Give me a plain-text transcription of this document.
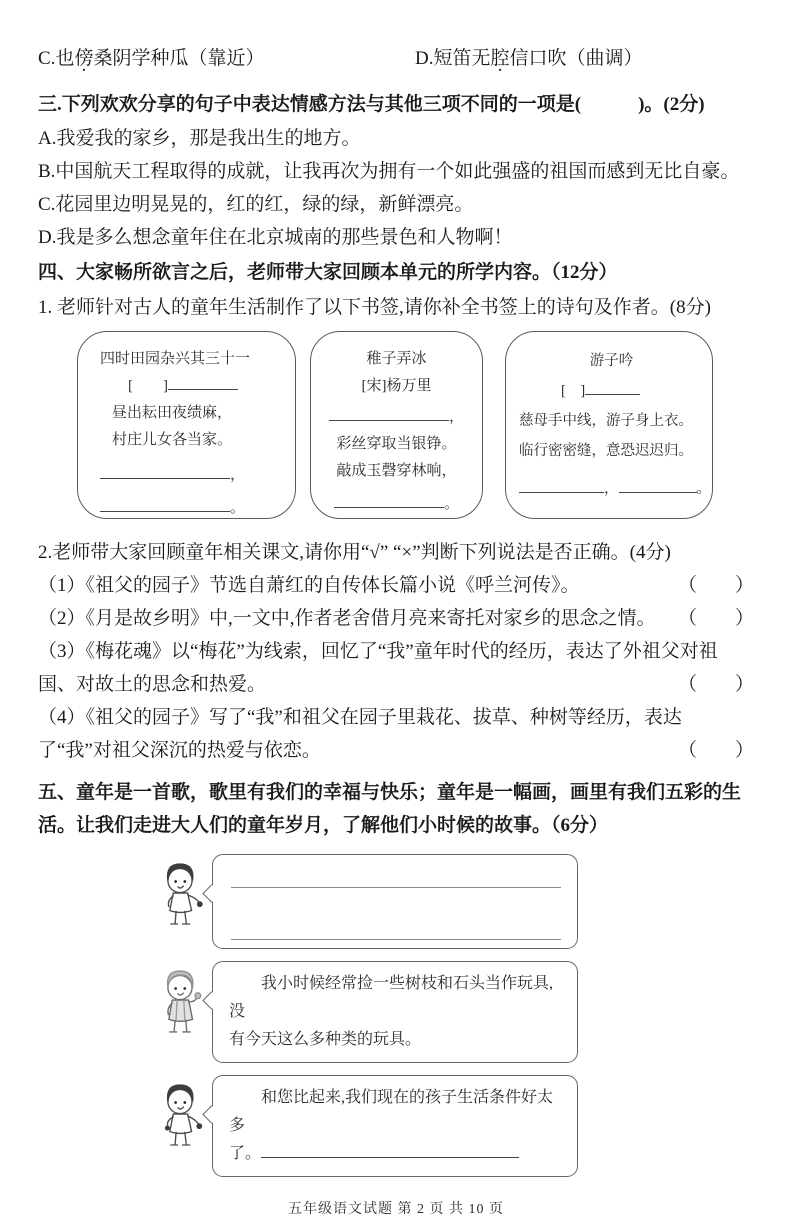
C.也傍桑阴学种瓜（靠近）	D.短笛无腔信口吹（曲调）

三.下列欢欢分享的句子中表达情感方法与其他三项不同的一项是(　　　)。(2分)

A.我爱我的家乡，那是我出生的地方。

B.中国航天工程取得的成就，让我再次为拥有一个如此强盛的祖国而感到无比自豪。

C.花园里边明晃晃的，红的红，绿的绿，新鲜漂亮。

D.我是多么想念童年住在北京城南的那些景色和人物啊！

四、大家畅所欲言之后，老师带大家回顾本单元的所学内容。（12分）

1. 老师针对古人的童年生活制作了以下书签,请你补全书签上的诗句及作者。(8分)

四时田园杂兴其三十一
[　　]
昼出耘田夜绩麻，
村庄儿女各当家。
，
。
稚子弄冰
[宋]杨万里
，
彩丝穿取当银铮。
敲成玉磬穿林响，
。
游子吟
[　]
慈母手中线，游子身上衣。
临行密密缝，意恐迟迟归。
，	。

2.老师带大家回顾童年相关课文,请你用“√” “×”判断下列说法是否正确。(4分)

（1）《祖父的园子》节选自萧红的自传体长篇小说《呼兰河传》。	（　　）
（2）《月是故乡明》中,一文中,作者老舍借月亮来寄托对家乡的思念之情。 （　　）
（3）《梅花魂》以“梅花”为线索，回忆了“我”童年时代的经历，表达了外祖父对祖国、对故土的思念和热爱。	（　　）
（4）《祖父的园子》写了“我”和祖父在园子里栽花、拔草、种树等经历，表达了“我”对祖父深沉的热爱与依恋。	（　　）

五、童年是一首歌，歌里有我们的幸福与快乐；童年是一幅画，画里有我们五彩的生活。让我们走进大人们的童年岁月，了解他们小时候的故事。（6分）

我小时候经常捡一些树枝和石头当作玩具,没
有今天这么多种类的玩具。
和您比起来,我们现在的孩子生活条件好太多
了。

五年级语文试题 第 2 页 共 10 页
